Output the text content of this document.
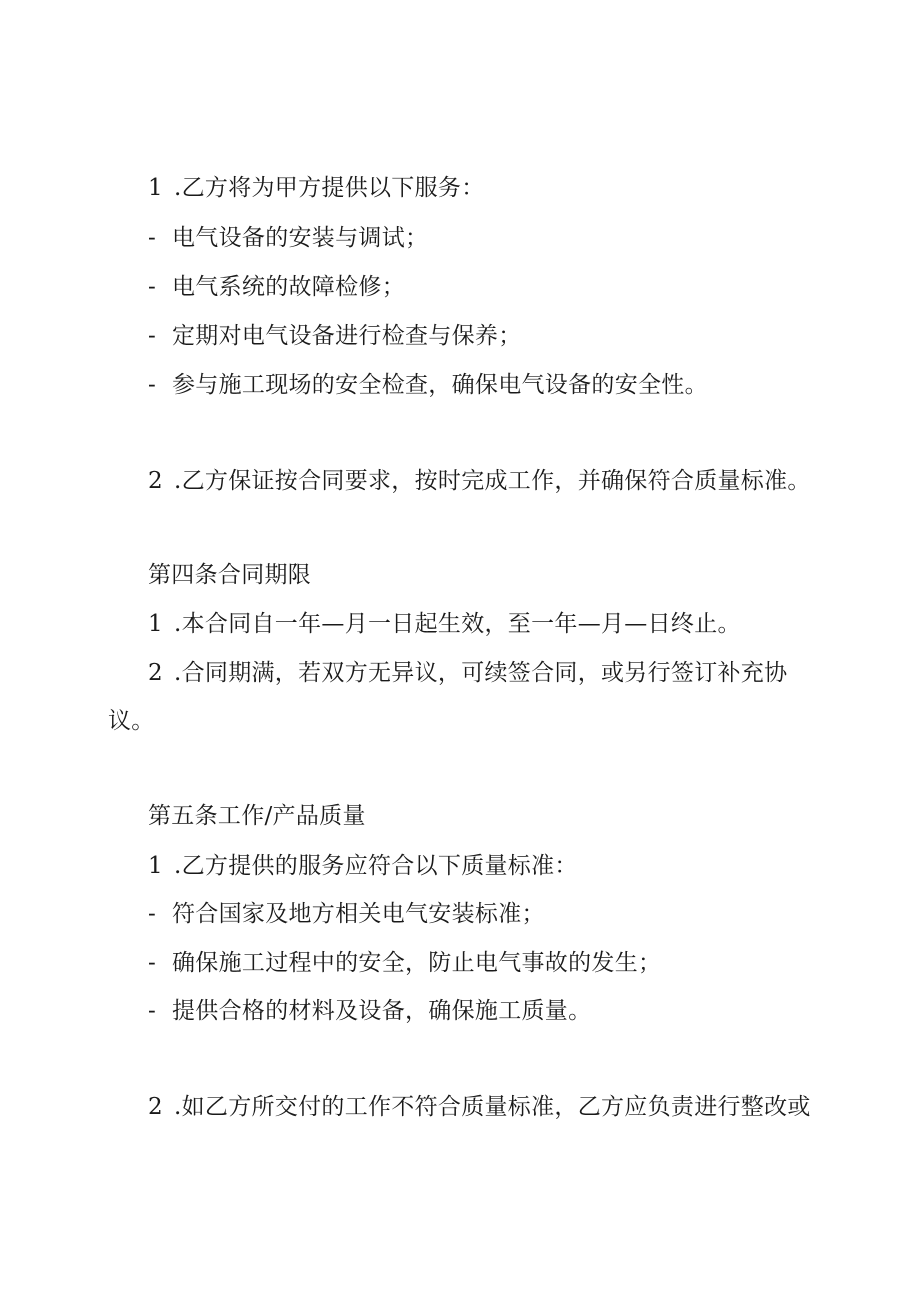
1 .乙方将为甲方提供以下服务：
- 电气设备的安装与调试；
- 电气系统的故障检修；
- 定期对电气设备进行检查与保养；
- 参与施工现场的安全检查，确保电气设备的安全性。
2 .乙方保证按合同要求，按时完成工作，并确保符合质量标准。
第四条合同期限
1 .本合同自一年—月一日起生效，至一年—月—日终止。
2 .合同期满，若双方无异议，可续签合同，或另行签订补充协
议。
第五条工作/产品质量
1 .乙方提供的服务应符合以下质量标准：
- 符合国家及地方相关电气安装标准；
- 确保施工过程中的安全，防止电气事故的发生；
- 提供合格的材料及设备，确保施工质量。
2 .如乙方所交付的工作不符合质量标准，乙方应负责进行整改或
